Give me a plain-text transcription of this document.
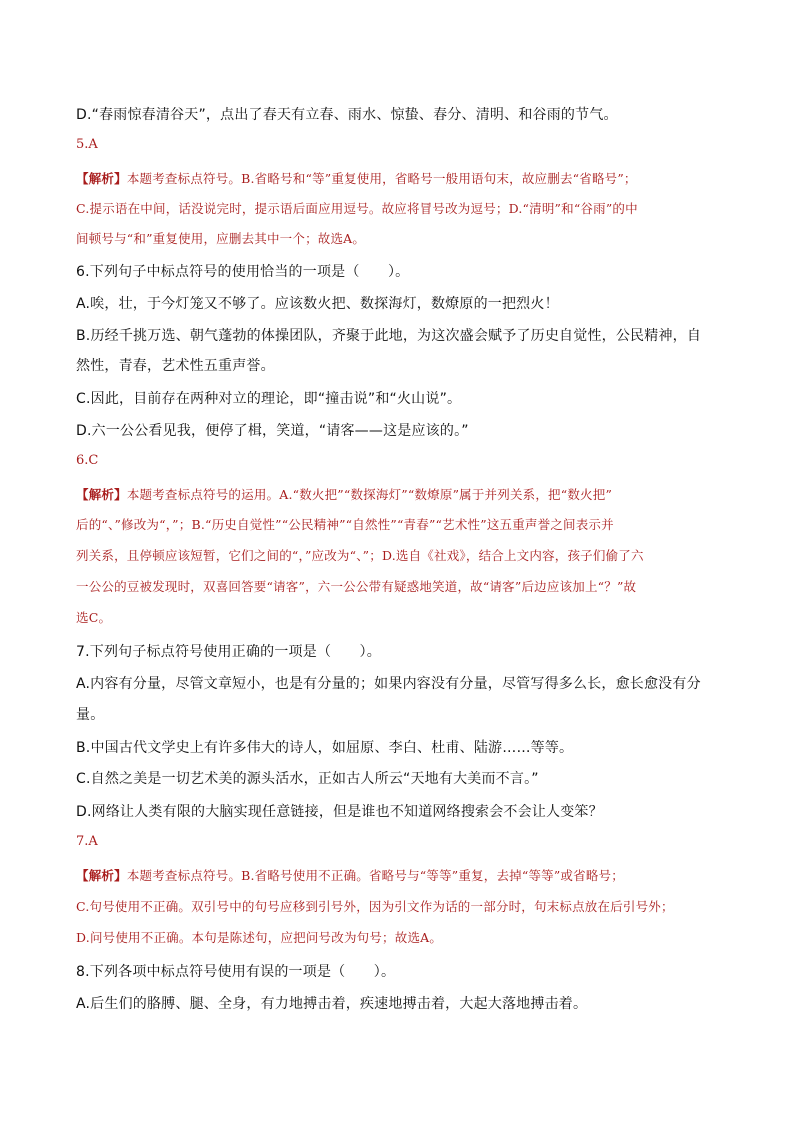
D.“春雨惊春清谷天”，点出了春天有立春、雨水、惊蛰、春分、清明、和谷雨的节气。
5.A
【解析】本题考查标点符号。B.省略号和“等”重复使用，省略号一般用语句末，故应删去“省略号”；
C.提示语在中间，话没说完时，提示语后面应用逗号。故应将冒号改为逗号；D.“清明”和“谷雨”的中
间顿号与“和”重复使用，应删去其中一个；故选A。
6.下列句子中标点符号的使用恰当的一项是（　　）。
A.唉，壮，于今灯笼又不够了。应该数火把、数探海灯，数燎原的一把烈火！
B.历经千挑万选、朝气蓬勃的体操团队，齐聚于此地，为这次盛会赋予了历史自觉性，公民精神，自
然性，青春，艺术性五重声誉。
C.因此，目前存在两种对立的理论，即“撞击说”和“火山说”。
D.六一公公看见我，便停了楫，笑道，“请客——这是应该的。”
6.C
【解析】本题考查标点符号的运用。A.“数火把”“数探海灯”“数燎原”属于并列关系，把“数火把”
后的“、”修改为“，”；B.“历史自觉性”“公民精神”“自然性”“青春”“艺术性”这五重声誉之间表示并
列关系，且停顿应该短暂，它们之间的“，”应改为“、”；D.选自《社戏》，结合上文内容，孩子们偷了六
一公公的豆被发现时，双喜回答要“请客”，六一公公带有疑惑地笑道，故“请客”后边应该加上“？”故
选C。
7.下列句子标点符号使用正确的一项是（　　）。
A.内容有分量，尽管文章短小，也是有分量的；如果内容没有分量，尽管写得多么长，愈长愈没有分
量。
B.中国古代文学史上有许多伟大的诗人，如屈原、李白、杜甫、陆游……等等。
C.自然之美是一切艺术美的源头活水，正如古人所云“天地有大美而不言。”
D.网络让人类有限的大脑实现任意链接，但是谁也不知道网络搜索会不会让人变笨？
7.A
【解析】本题考查标点符号。B.省略号使用不正确。省略号与“等等”重复，去掉“等等”或省略号；
C.句号使用不正确。双引号中的句号应移到引号外，因为引文作为话的一部分时，句末标点放在后引号外；
D.问号使用不正确。本句是陈述句，应把问号改为句号；故选A。
8.下列各项中标点符号使用有误的一项是（　　）。
A.后生们的胳膊、腿、全身，有力地搏击着，疾速地搏击着，大起大落地搏击着。
